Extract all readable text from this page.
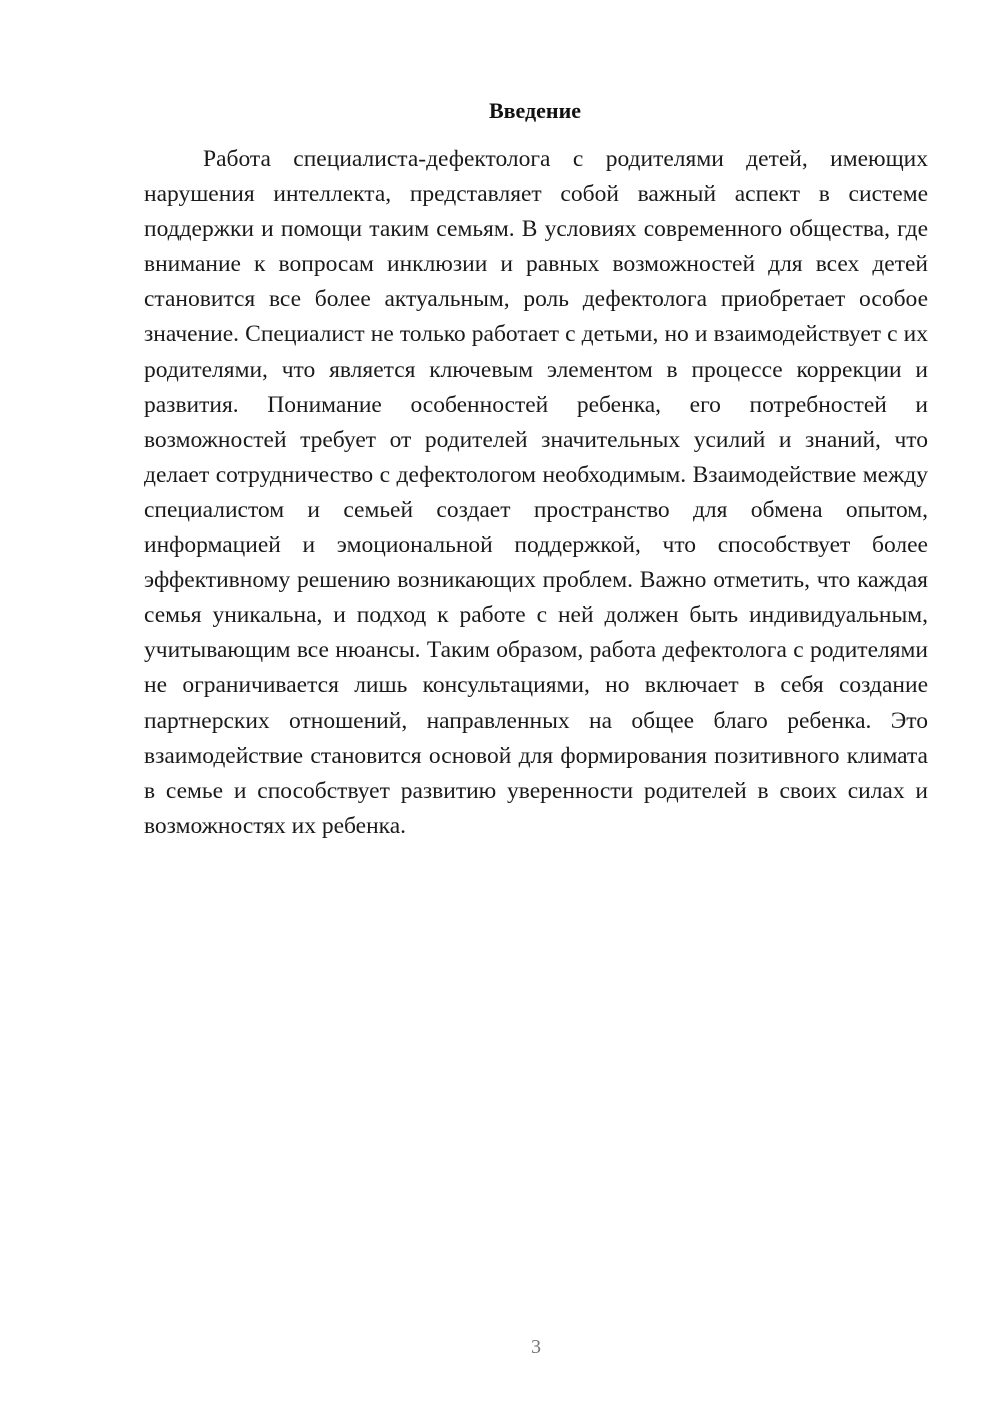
Введение

Работа специалиста-дефектолога с родителями детей, имеющих нарушения интеллекта, представляет собой важный аспект в системе поддержки и помощи таким семьям. В условиях современного общества, где внимание к вопросам инклюзии и равных возможностей для всех детей становится все более актуальным, роль дефектолога приобретает особое значение. Специалист не только работает с детьми, но и взаимодействует с их родителями, что является ключевым элементом в процессе коррекции и развития. Понимание особенностей ребенка, его потребностей и возможностей требует от родителей значительных усилий и знаний, что делает сотрудничество с дефектологом необходимым. Взаимодействие между специалистом и семьей создает пространство для обмена опытом, информацией и эмоциональной поддержкой, что способствует более эффективному решению возникающих проблем. Важно отметить, что каждая семья уникальна, и подход к работе с ней должен быть индивидуальным, учитывающим все нюансы. Таким образом, работа дефектолога с родителями не ограничивается лишь консультациями, но включает в себя создание партнерских отношений, направленных на общее благо ребенка. Это взаимодействие становится основой для формирования позитивного климата в семье и способствует развитию уверенности родителей в своих силах и возможностях их ребенка.

3
